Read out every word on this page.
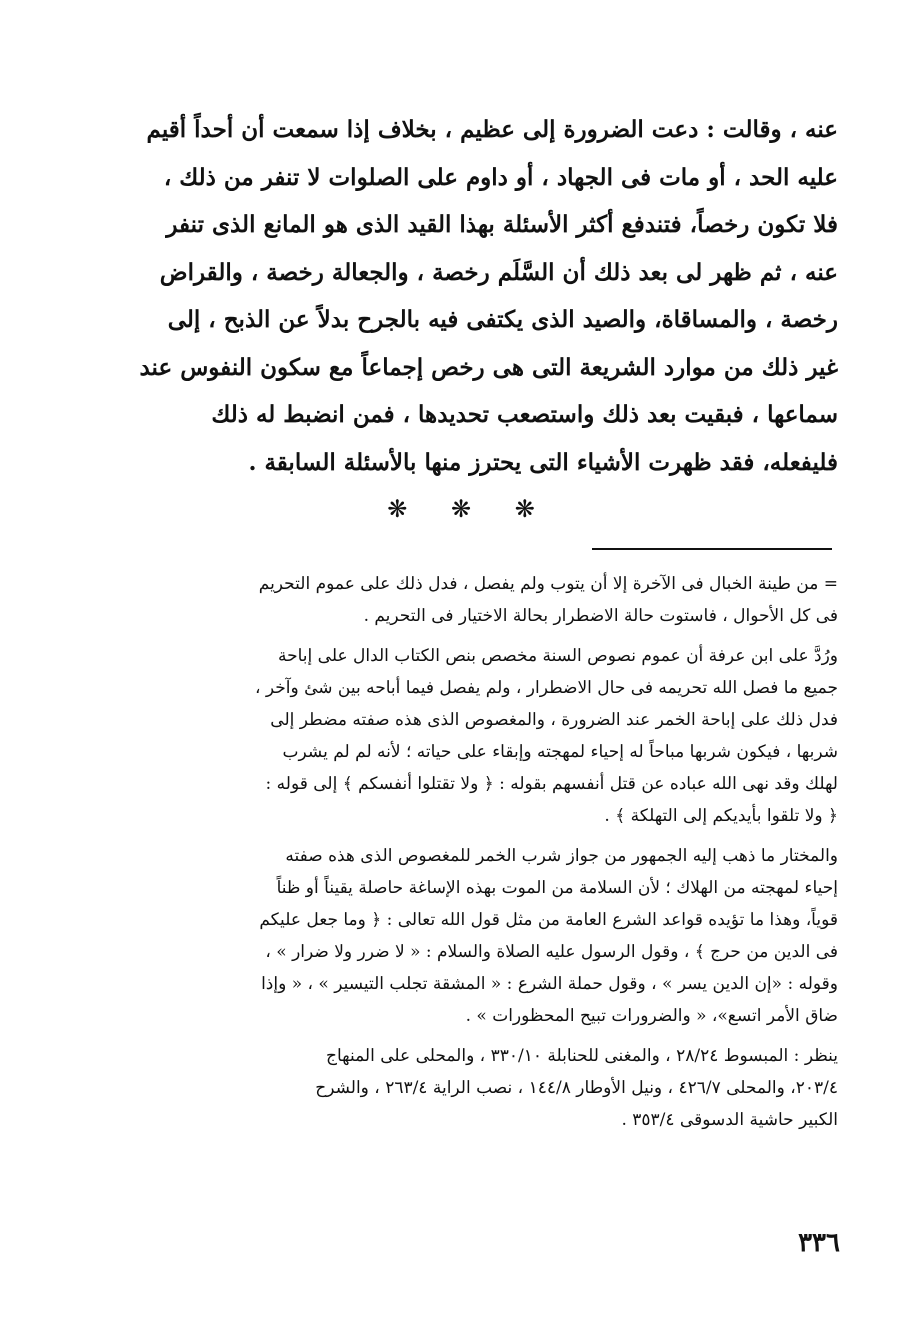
عنه ، وقالت : دعت الضرورة إلى عظيم ، بخلاف إذا سمعت أن أحداً أقيم
عليه الحد ، أو مات فى الجهاد ، أو داوم على الصلوات لا تنفر من ذلك ،
فلا تكون رخصاً، فتندفع أكثر الأسئلة بهذا القيد الذى هو المانع الذى تنفر
عنه ، ثم ظهر لى بعد ذلك أن السَّلَم رخصة ، والجعالة رخصة ، والقراض
رخصة ، والمساقاة، والصيد الذى يكتفى فيه بالجرح بدلاً عن الذبح ، إلى
غير ذلك من موارد الشريعة التى هى رخص إجماعاً مع سكون النفوس عند
سماعها ، فبقيت بعد ذلك واستصعب تحديدها ، فمن انضبط له ذلك
فليفعله، فقد ظهرت الأشياء التى يحترز منها بالأسئلة السابقة .
❋ ❋ ❋
= من طينة الخبال فى الآخرة إلا أن يتوب ولم يفصل ، فدل ذلك على عموم التحريم
فى كل الأحوال ، فاستوت حالة الاضطرار بحالة الاختيار فى التحريم .
ورُدَّ على ابن عرفة أن عموم نصوص السنة مخصص بنص الكتاب الدال على إباحة
جميع ما فصل الله تحريمه فى حال الاضطرار ، ولم يفصل فيما أباحه بين شئ وآخر ،
فدل ذلك على إباحة الخمر عند الضرورة ، والمغصوص الذى هذه صفته مضطر إلى
شربها ، فيكون شربها مباحاً له إحياء لمهجته وإبقاء على حياته ؛ لأنه لم لم يشرب
لهلك وقد نهى الله عباده عن قتل أنفسهم بقوله : ﴿ ولا تقتلوا أنفسكم ﴾ إلى قوله :
﴿ ولا تلقوا بأيديكم إلى التهلكة ﴾ .
والمختار ما ذهب إليه الجمهور من جواز شرب الخمر للمغصوص الذى هذه صفته
إحياء لمهجته من الهلاك ؛ لأن السلامة من الموت بهذه الإساغة حاصلة يقيناً أو ظناً
قوياً، وهذا ما تؤيده قواعد الشرع العامة من مثل قول الله تعالى : ﴿ وما جعل عليكم
فى الدين من حرج ﴾ ، وقول الرسول عليه الصلاة والسلام : « لا ضرر ولا ضرار » ،
وقوله : «إن الدين يسر » ، وقول حملة الشرع : « المشقة تجلب التيسير » ، « وإذا
ضاق الأمر اتسع»، « والضرورات تبيح المحظورات » .
ينظر : المبسوط ٢٨/٢٤ ، والمغنى للحنابلة ٣٣٠/١٠ ، والمحلى على المنهاج
٢٠٣/٤، والمحلى ٤٢٦/٧ ، ونيل الأوطار ١٤٤/٨ ، نصب الراية ٢٦٣/٤ ، والشرح
الكبير حاشية الدسوقى ٣٥٣/٤ .
٣٣٦
